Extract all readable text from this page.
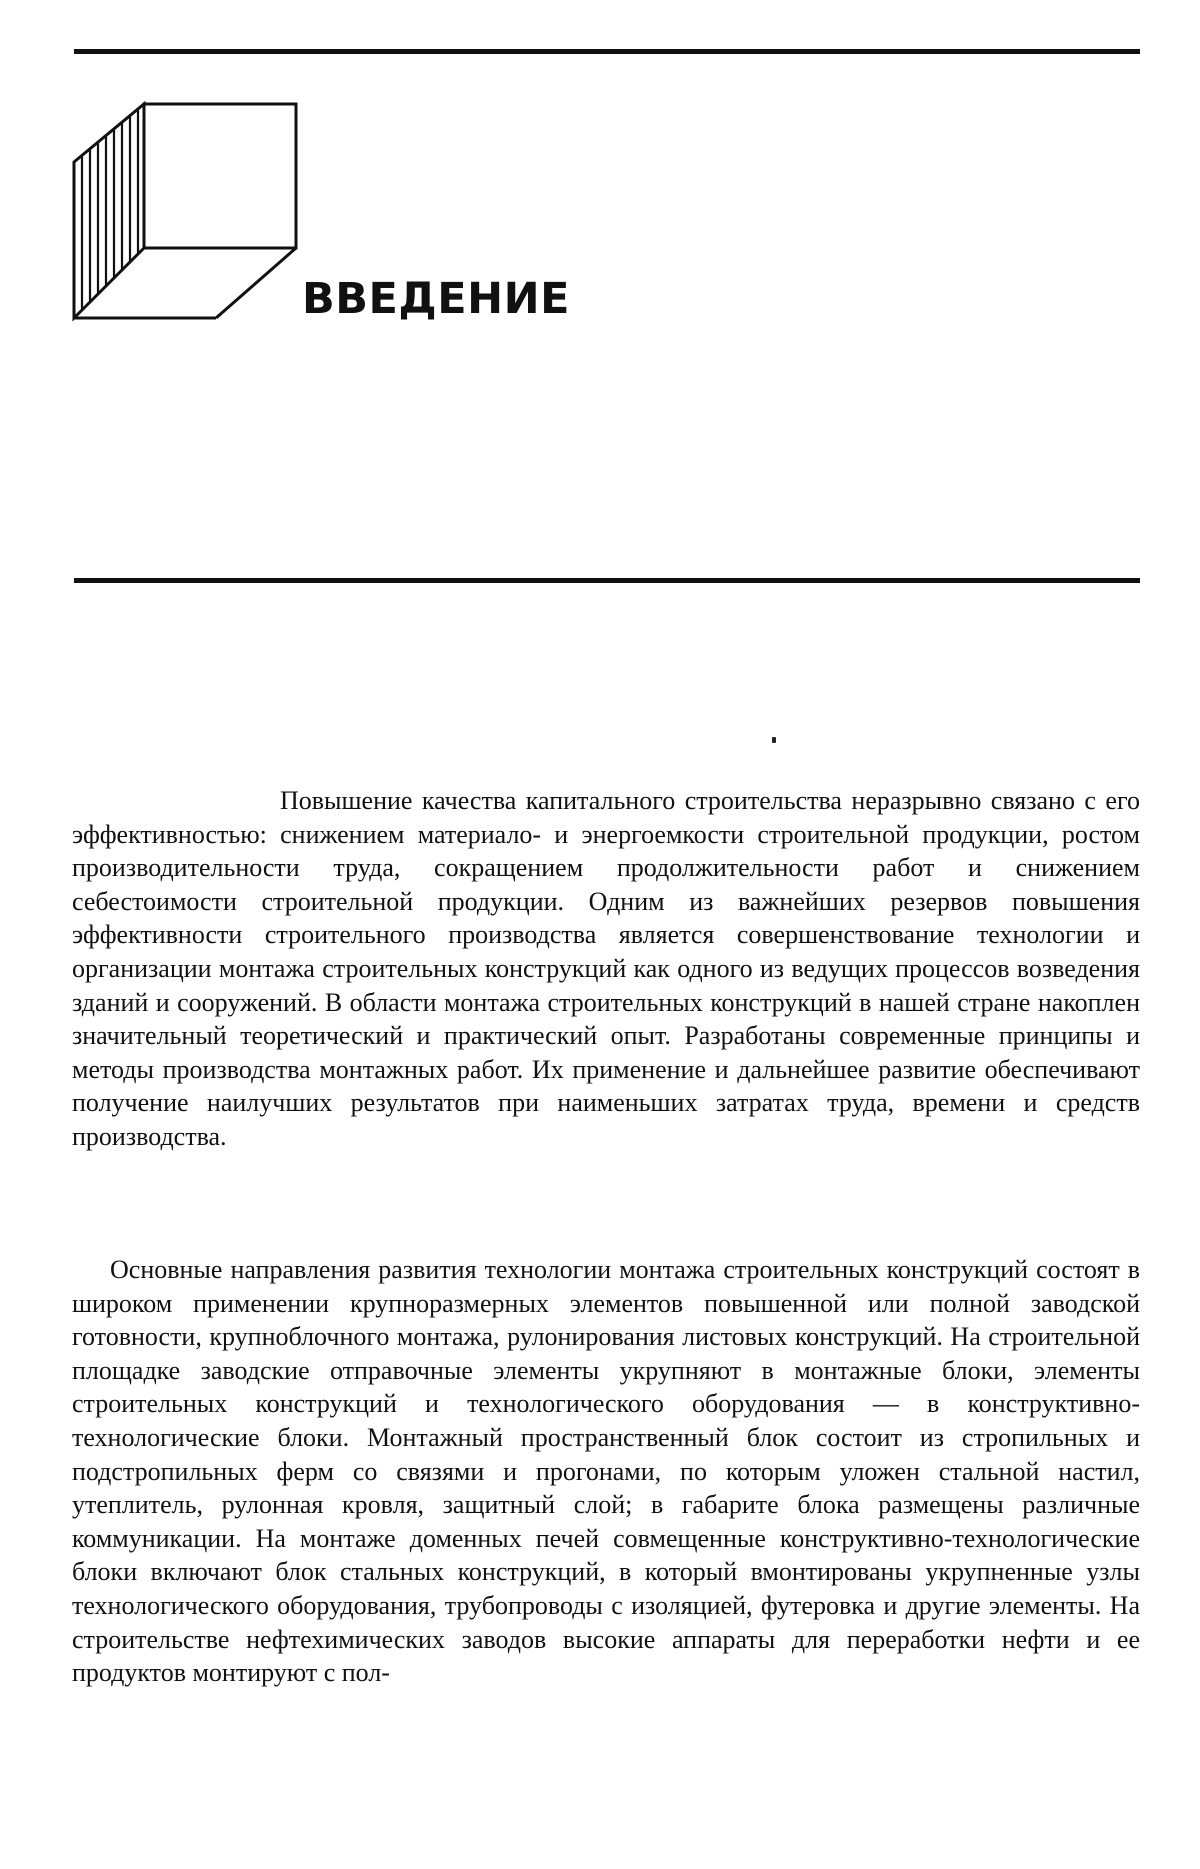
ВВЕДЕНИЕ

Повышение качества капитального строительства неразрывно связано с его эффективностью: снижением материало- и энергоемкости строительной продукции, ростом производительности труда, сокращением продолжительности работ и снижением себестоимости строительной продукции. Одним из важнейших резервов повышения эффективности строительного производства является совершенствование технологии и организации монтажа строительных конструкций как одного из ведущих процессов возведения зданий и сооружений. В области монтажа строительных конструкций в нашей стране накоплен значительный теоретический и практический опыт. Разработаны современные принципы и методы производства монтажных работ. Их применение и дальнейшее развитие обеспечивают получение наилучших результатов при наименьших затратах труда, времени и средств производства.

Основные направления развития технологии монтажа строительных конструкций состоят в широком применении крупноразмерных элементов повышенной или полной заводской готовности, крупноблочного монтажа, рулонирования листовых конструкций. На строительной площадке заводские отправочные элементы укрупняют в монтажные блоки, элементы строительных конструкций и технологического оборудования — в конструктивно-технологические блоки. Монтажный пространственный блок состоит из стропильных и подстропильных ферм со связями и прогонами, по которым уложен стальной настил, утеплитель, рулонная кровля, защитный слой; в габарите блока размещены различные коммуникации. На монтаже доменных печей совмещенные конструктивно-технологические блоки включают блок стальных конструкций, в который вмонтированы укрупненные узлы технологического оборудования, трубопроводы с изоляцией, футеровка и другие элементы. На строительстве нефтехимических заводов высокие аппараты для переработки нефти и ее продуктов монтируют с пол-
